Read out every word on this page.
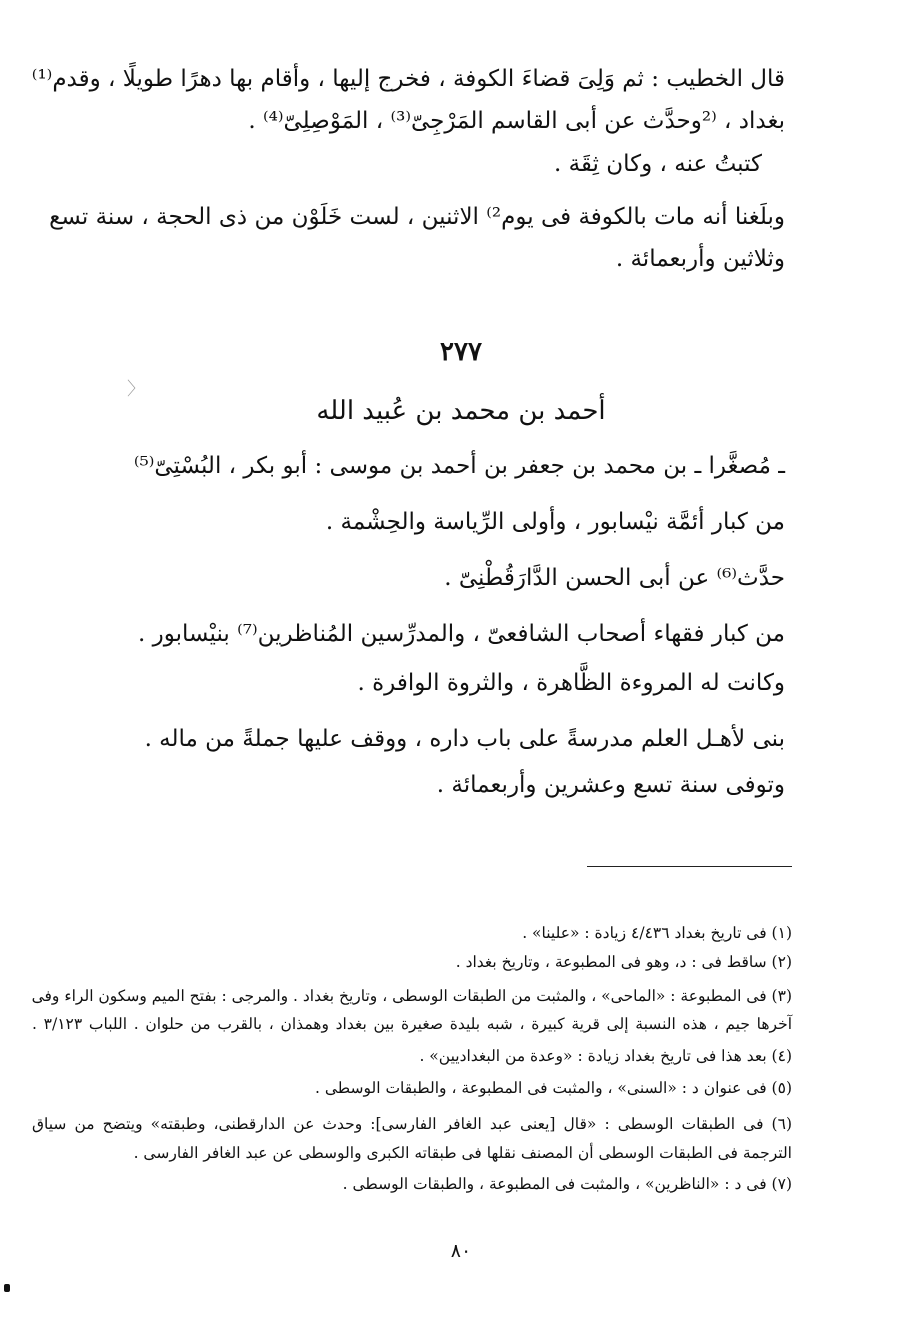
قال الخطيب : ثم وَلِىَ قضاءَ الكوفة ، فخرج إليها ، وأقام بها دهرًا طويلًا ، وقدم⁽¹⁾
بغداد ، ⁽²وحدَّث عن أبى القاسم المَرْجِىّ⁽³⁾ ، المَوْصِلِىّ⁽⁴⁾ .
كتبتُ عنه ، وكان ثِقَة .
وبلَغنا أنه مات بالكوفة فى يوم²⁾ الاثنين ، لست خَلَوْن من ذى الحجة ، سنة تسع
وثلاثين وأربعمائة .
٢٧٧
〉
أحمد بن محمد بن عُبيد الله
ـ مُصغَّرا ـ بن محمد بن جعفر بن أحمد بن موسى : أبو بكر ، البُسْتِىّ⁽⁵⁾
من كبار أئمَّة نيْسابور ، وأولى الرِّياسة والحِشْمة .
حدَّث⁽⁶⁾ عن أبى الحسن الدَّارَقُطْنِىّ .
من كبار فقهاء أصحاب الشافعىّ ، والمدرِّسين المُناظرين⁽⁷⁾ بنيْسابور .
وكانت له المروءة الظَّاهرة ، والثروة الوافرة .
بنى لأهـل العلم مدرسةً على باب داره ، ووقف عليها جملةً من ماله .
وتوفى سنة تسع وعشرين وأربعمائة .
(١) فى تاريخ بغداد ٤/٤٣٦ زيادة : «علينا» .
(٢) ساقط فى : د، وهو فى المطبوعة ، وتاريخ بغداد .
(٣) فى المطبوعة : «الماحى» ، والمثبت من الطبقات الوسطى ، وتاريخ بغداد . والمرجى : بفتح الميم وسكون الراء وفى
آخرها جيم ، هذه النسبة إلى قرية كبيرة ، شبه بليدة صغيرة بين بغداد وهمذان ، بالقرب من حلوان . اللباب ٣/١٢٣ .
(٤) بعد هذا فى تاريخ بغداد زيادة : «وعدة من البغداديين» .
(٥) فى عنوان د : «السنى» ، والمثبت فى المطبوعة ، والطبقات الوسطى .
(٦) فى الطبقات الوسطى : «قال [يعنى عبد الغافر الفارسى]: وحدث عن الدارقطنى، وطبقته» ويتضح من سياق
الترجمة فى الطبقات الوسطى أن المصنف نقلها فى طبقاته الكبرى والوسطى عن عبد الغافر الفارسى .
(٧) فى د : «الناظرين» ، والمثبت فى المطبوعة ، والطبقات الوسطى .
٨٠
